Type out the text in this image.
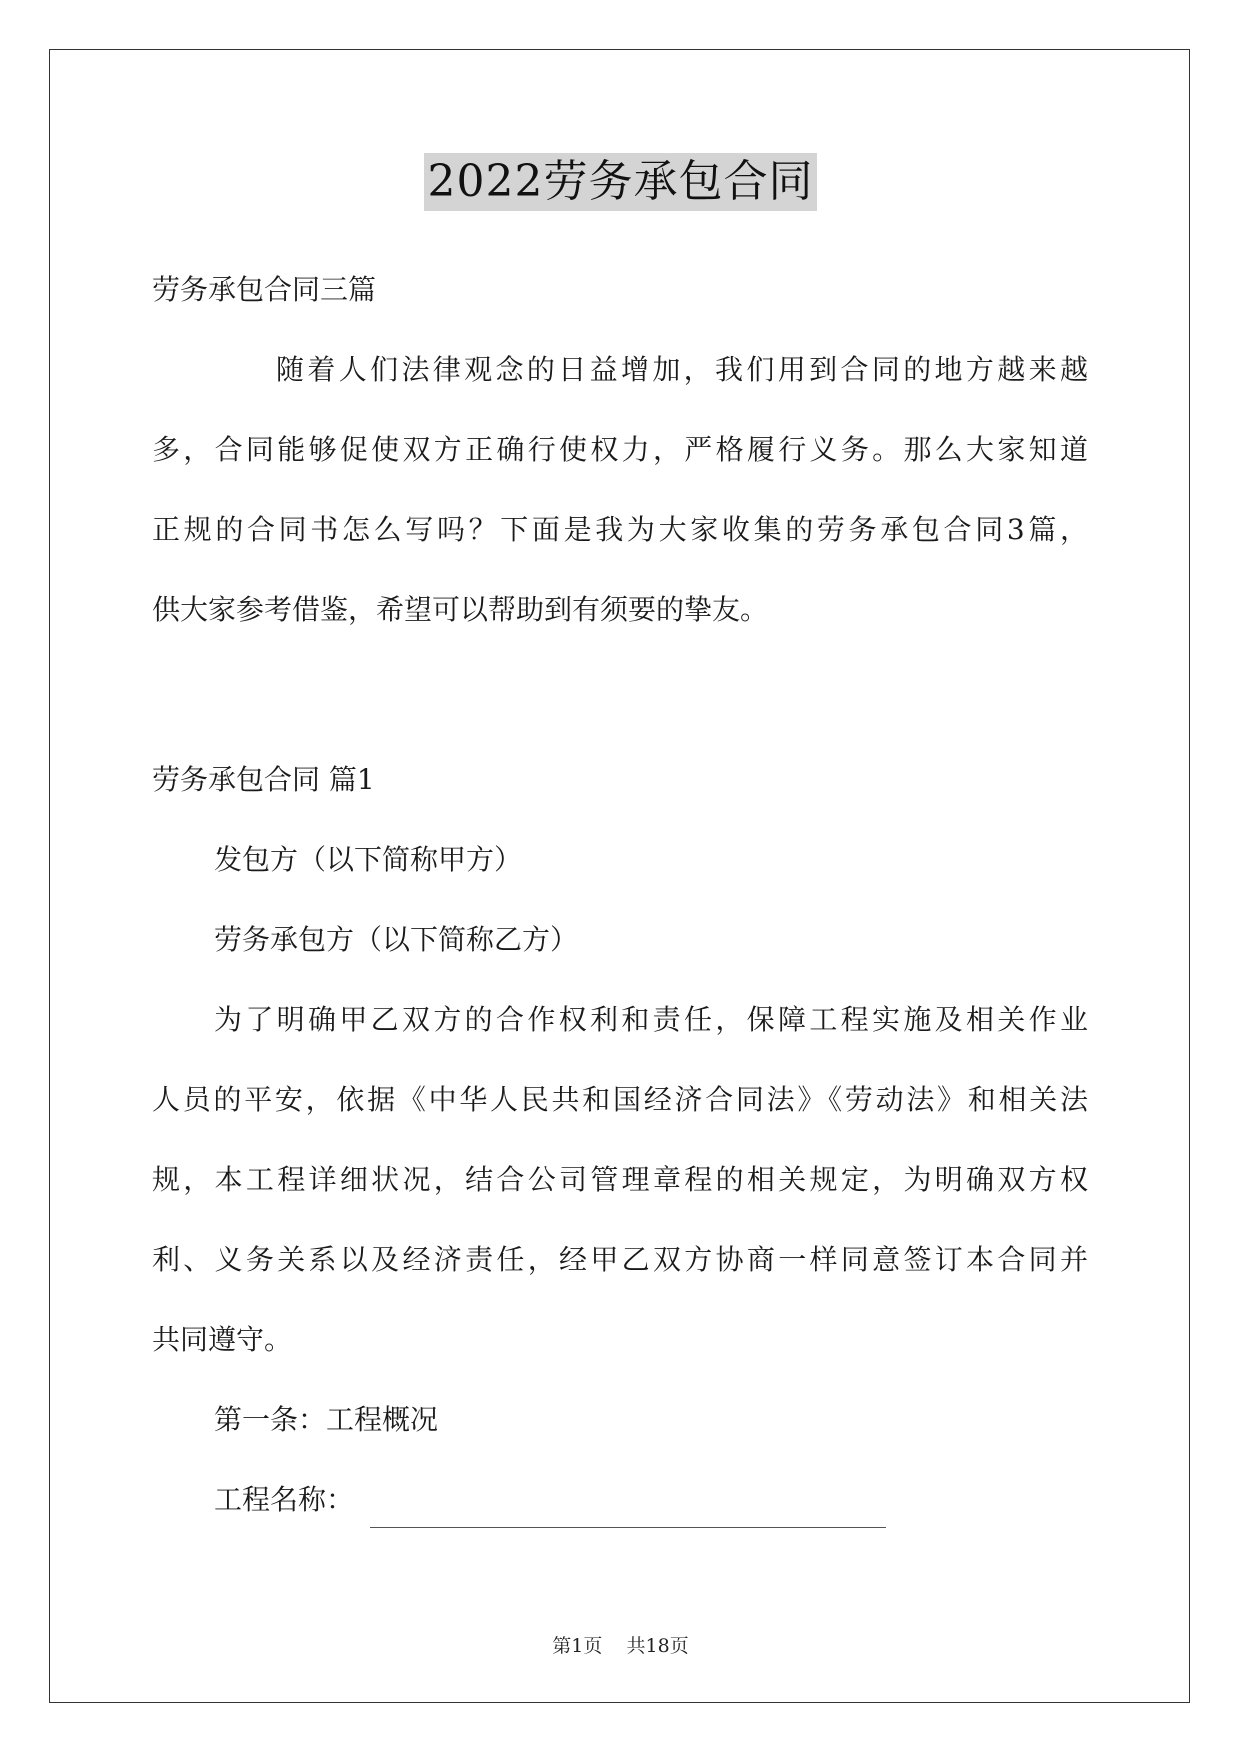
2022劳务承包合同
劳务承包合同三篇
随着人们法律观念的日益增加，我们用到合同的地方越来越
多，合同能够促使双方正确行使权力，严格履行义务。那么大家知道
正规的合同书怎么写吗？下面是我为大家收集的劳务承包合同3篇，
供大家参考借鉴，希望可以帮助到有须要的挚友。
劳务承包合同 篇1
发包方（以下简称甲方）
劳务承包方（以下简称乙方）
为了明确甲乙双方的合作权利和责任，保障工程实施及相关作业
人员的平安，依据《中华人民共和国经济合同法》《劳动法》和相关法
规，本工程详细状况，结合公司管理章程的相关规定，为明确双方权
利、义务关系以及经济责任，经甲乙双方协商一样同意签订本合同并
共同遵守。
第一条：工程概况
工程名称：
第1页 共18页
